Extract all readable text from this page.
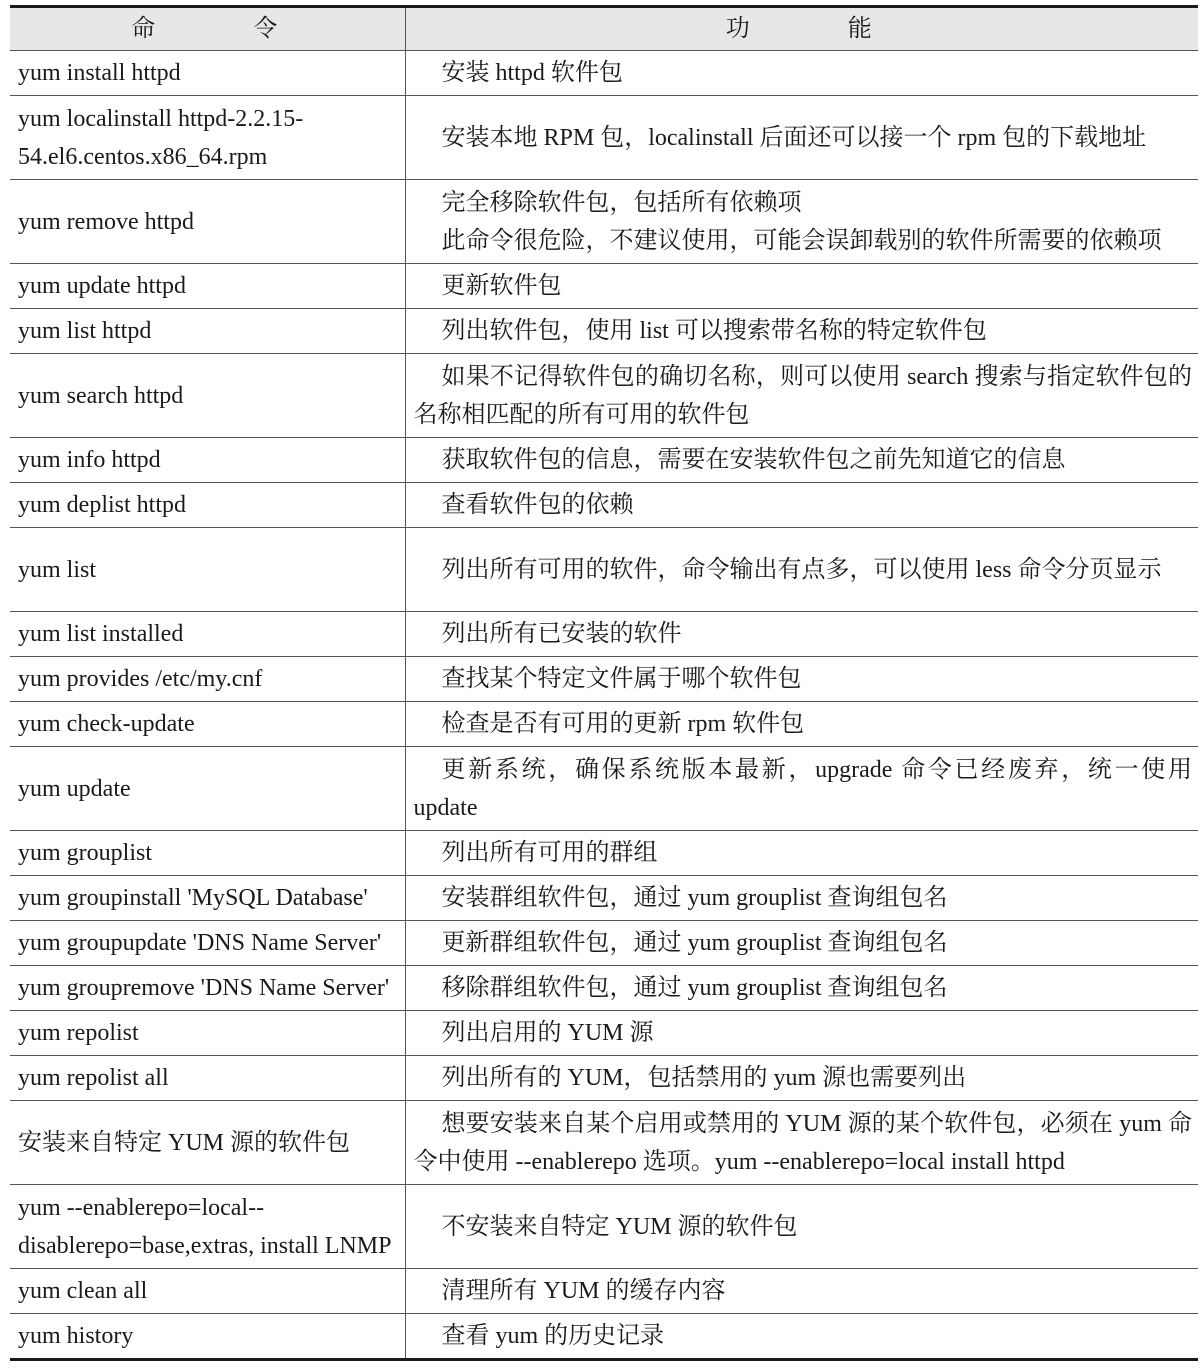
命 令	功 能
yum install httpd	安装 httpd 软件包
yum localinstall httpd-2.2.15-54.el6.centos.x86_64.rpm	安装本地 RPM 包，localinstall 后面还可以接一个 rpm 包的下载地址
yum remove httpd	完全移除软件包，包括所有依赖项
此命令很危险，不建议使用，可能会误卸载别的软件所需要的依赖项

yum update httpd	更新软件包
yum list httpd	列出软件包，使用 list 可以搜索带名称的特定软件包
yum search httpd	如果不记得软件包的确切名称，则可以使用 search 搜索与指定软件包的名称相匹配的所有可用的软件包
yum info httpd	获取软件包的信息，需要在安装软件包之前先知道它的信息
yum deplist httpd	查看软件包的依赖
yum list	列出所有可用的软件，命令输出有点多，可以使用 less 命令分页显示
yum list installed	列出所有已安装的软件
yum provides /etc/my.cnf	查找某个特定文件属于哪个软件包
yum check-update	检查是否有可用的更新 rpm 软件包
yum update	更新系统，确保系统版本最新，upgrade 命令已经废弃，统一使用 update
yum grouplist	列出所有可用的群组
yum groupinstall 'MySQL Database'	安装群组软件包，通过 yum grouplist 查询组包名
yum groupupdate 'DNS Name Server'	更新群组软件包，通过 yum grouplist 查询组包名
yum groupremove 'DNS Name Server'	移除群组软件包，通过 yum grouplist 查询组包名
yum repolist	列出启用的 YUM 源
yum repolist all	列出所有的 YUM，包括禁用的 yum 源也需要列出
安装来自特定 YUM 源的软件包	想要安装来自某个启用或禁用的 YUM 源的某个软件包，必须在 yum 命令中使用 --enablerepo 选项。yum --enablerepo=local install httpd
yum --enablerepo=local--disablerepo=base,extras, install LNMP	不安装来自特定 YUM 源的软件包
yum clean all	清理所有 YUM 的缓存内容
yum history	查看 yum 的历史记录
